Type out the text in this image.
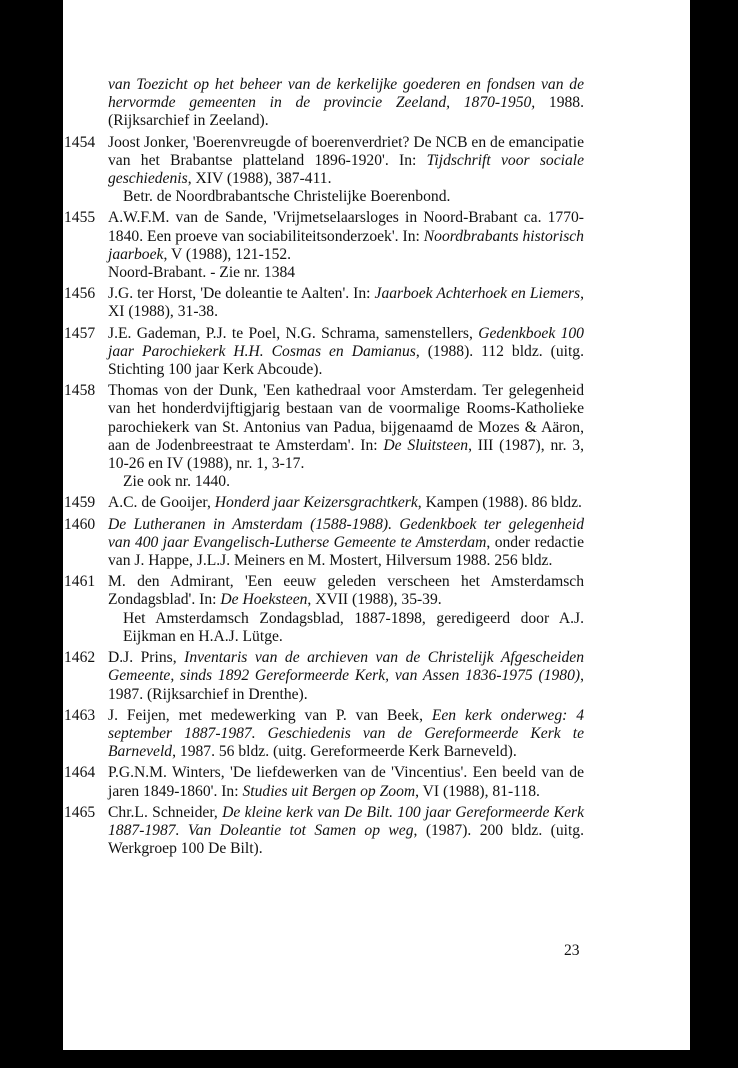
van Toezicht op het beheer van de kerkelijke goederen en fondsen van de hervormde gemeenten in de provincie Zeeland, 1870-1950, 1988. (Rijksarchief in Zeeland).
1454 Joost Jonker, 'Boerenvreugde of boerenverdriet? De NCB en de emancipatie van het Brabantse platteland 1896-1920'. In: Tijdschrift voor sociale geschiedenis, XIV (1988), 387-411.
Betr. de Noordbrabantsche Christelijke Boerenbond.
1455 A.W.F.M. van de Sande, 'Vrijmetselaarsloges in Noord-Brabant ca. 1770-1840. Een proeve van sociabiliteitsonderzoek'. In: Noordbrabants historisch jaarboek, V (1988), 121-152.
Noord-Brabant. - Zie nr. 1384
1456 J.G. ter Horst, 'De doleantie te Aalten'. In: Jaarboek Achterhoek en Liemers, XI (1988), 31-38.
1457 J.E. Gademan, P.J. te Poel, N.G. Schrama, samenstellers, Gedenkboek 100 jaar Parochiekerk H.H. Cosmas en Damianus, (1988). 112 bldz. (uitg. Stichting 100 jaar Kerk Abcoude).
1458 Thomas von der Dunk, 'Een kathedraal voor Amsterdam. Ter gelegenheid van het honderdvijftigjarig bestaan van de voormalige Rooms-Katholieke parochiekerk van St. Antonius van Padua, bijgenaamd de Mozes & Aäron, aan de Jodenbreestraat te Amsterdam'. In: De Sluitsteen, III (1987), nr. 3, 10-26 en IV (1988), nr. 1, 3-17.
Zie ook nr. 1440.
1459 A.C. de Gooijer, Honderd jaar Keizersgrachtkerk, Kampen (1988). 86 bldz.
1460 De Lutheranen in Amsterdam (1588-1988). Gedenkboek ter gelegenheid van 400 jaar Evangelisch-Lutherse Gemeente te Amsterdam, onder redactie van J. Happe, J.L.J. Meiners en M. Mostert, Hilversum 1988. 256 bldz.
1461 M. den Admirant, 'Een eeuw geleden verscheen het Amsterdamsch Zondagsblad'. In: De Hoeksteen, XVII (1988), 35-39.
Het Amsterdamsch Zondagsblad, 1887-1898, geredigeerd door A.J. Eijkman en H.A.J. Lütge.
1462 D.J. Prins, Inventaris van de archieven van de Christelijk Afgescheiden Gemeente, sinds 1892 Gereformeerde Kerk, van Assen 1836-1975 (1980), 1987. (Rijksarchief in Drenthe).
1463 J. Feijen, met medewerking van P. van Beek, Een kerk onderweg: 4 september 1887-1987. Geschiedenis van de Gereformeerde Kerk te Barneveld, 1987. 56 bldz. (uitg. Gereformeerde Kerk Barneveld).
1464 P.G.N.M. Winters, 'De liefdewerken van de 'Vincentius'. Een beeld van de jaren 1849-1860'. In: Studies uit Bergen op Zoom, VI (1988), 81-118.
1465 Chr.L. Schneider, De kleine kerk van De Bilt. 100 jaar Gereformeerde Kerk 1887-1987. Van Doleantie tot Samen op weg, (1987). 200 bldz. (uitg. Werkgroep 100 De Bilt).
23
